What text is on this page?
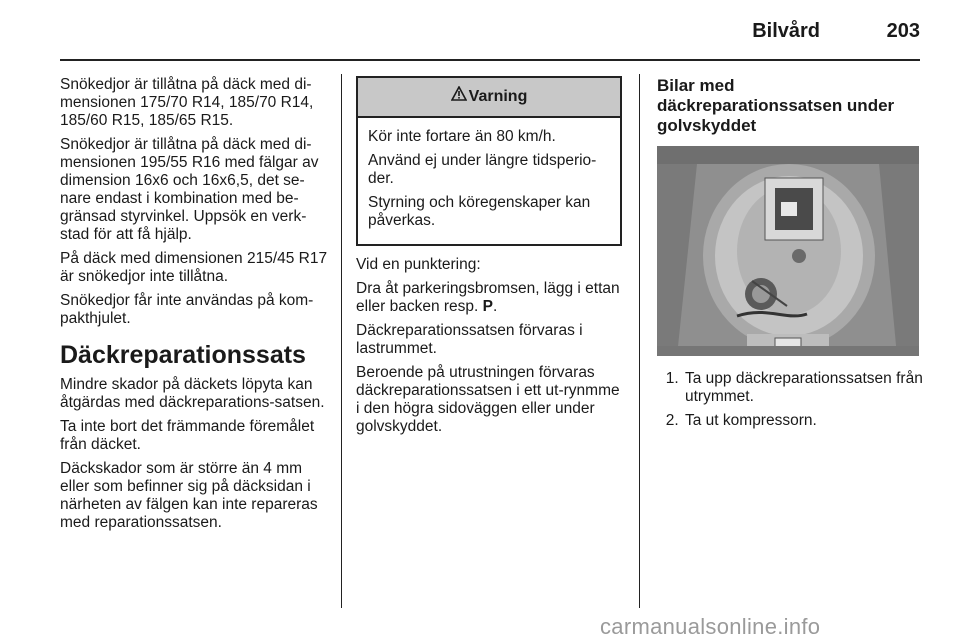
Bilvård	203

Snökedjor är tillåtna på däck med di-mensionen 175/70 R14, 185/70 R14, 185/60 R15, 185/65 R15.

Snökedjor är tillåtna på däck med di-mensionen 195/55 R16 med fälgar av dimension 16x6 och 16x6,5, det se-nare endast i kombination med be-gränsad styrvinkel. Uppsök en verk-stad för att få hjälp.

På däck med dimensionen 215/45 R17 är snökedjor inte tillåtna.

Snökedjor får inte användas på kom-pakthjulet.

Däckreparationssats

Mindre skador på däckets löpyta kan åtgärdas med däckreparations-satsen.

Ta inte bort det främmande föremålet från däcket.

Däckskador som är större än 4 mm eller som befinner sig på däcksidan i närheten av fälgen kan inte repareras med reparationssatsen.

Varning

Kör inte fortare än 80 km/h.

Använd ej under längre tidsperio-der.

Styrning och köregenskaper kan påverkas.

Vid en punktering:

Dra åt parkeringsbromsen, lägg i ettan eller backen resp. P.

Däckreparationssatsen förvaras i lastrummet.

Beroende på utrustningen förvaras däckreparationssatsen i ett ut-rynmme i den högra sidoväggen eller under golvskyddet.

Bilar med däckreparationssatsen under golvskyddet
1. Ta upp däckreparationssatsen från utrymmet.
2. Ta ut kompressorn.
carmanualsonline.info
